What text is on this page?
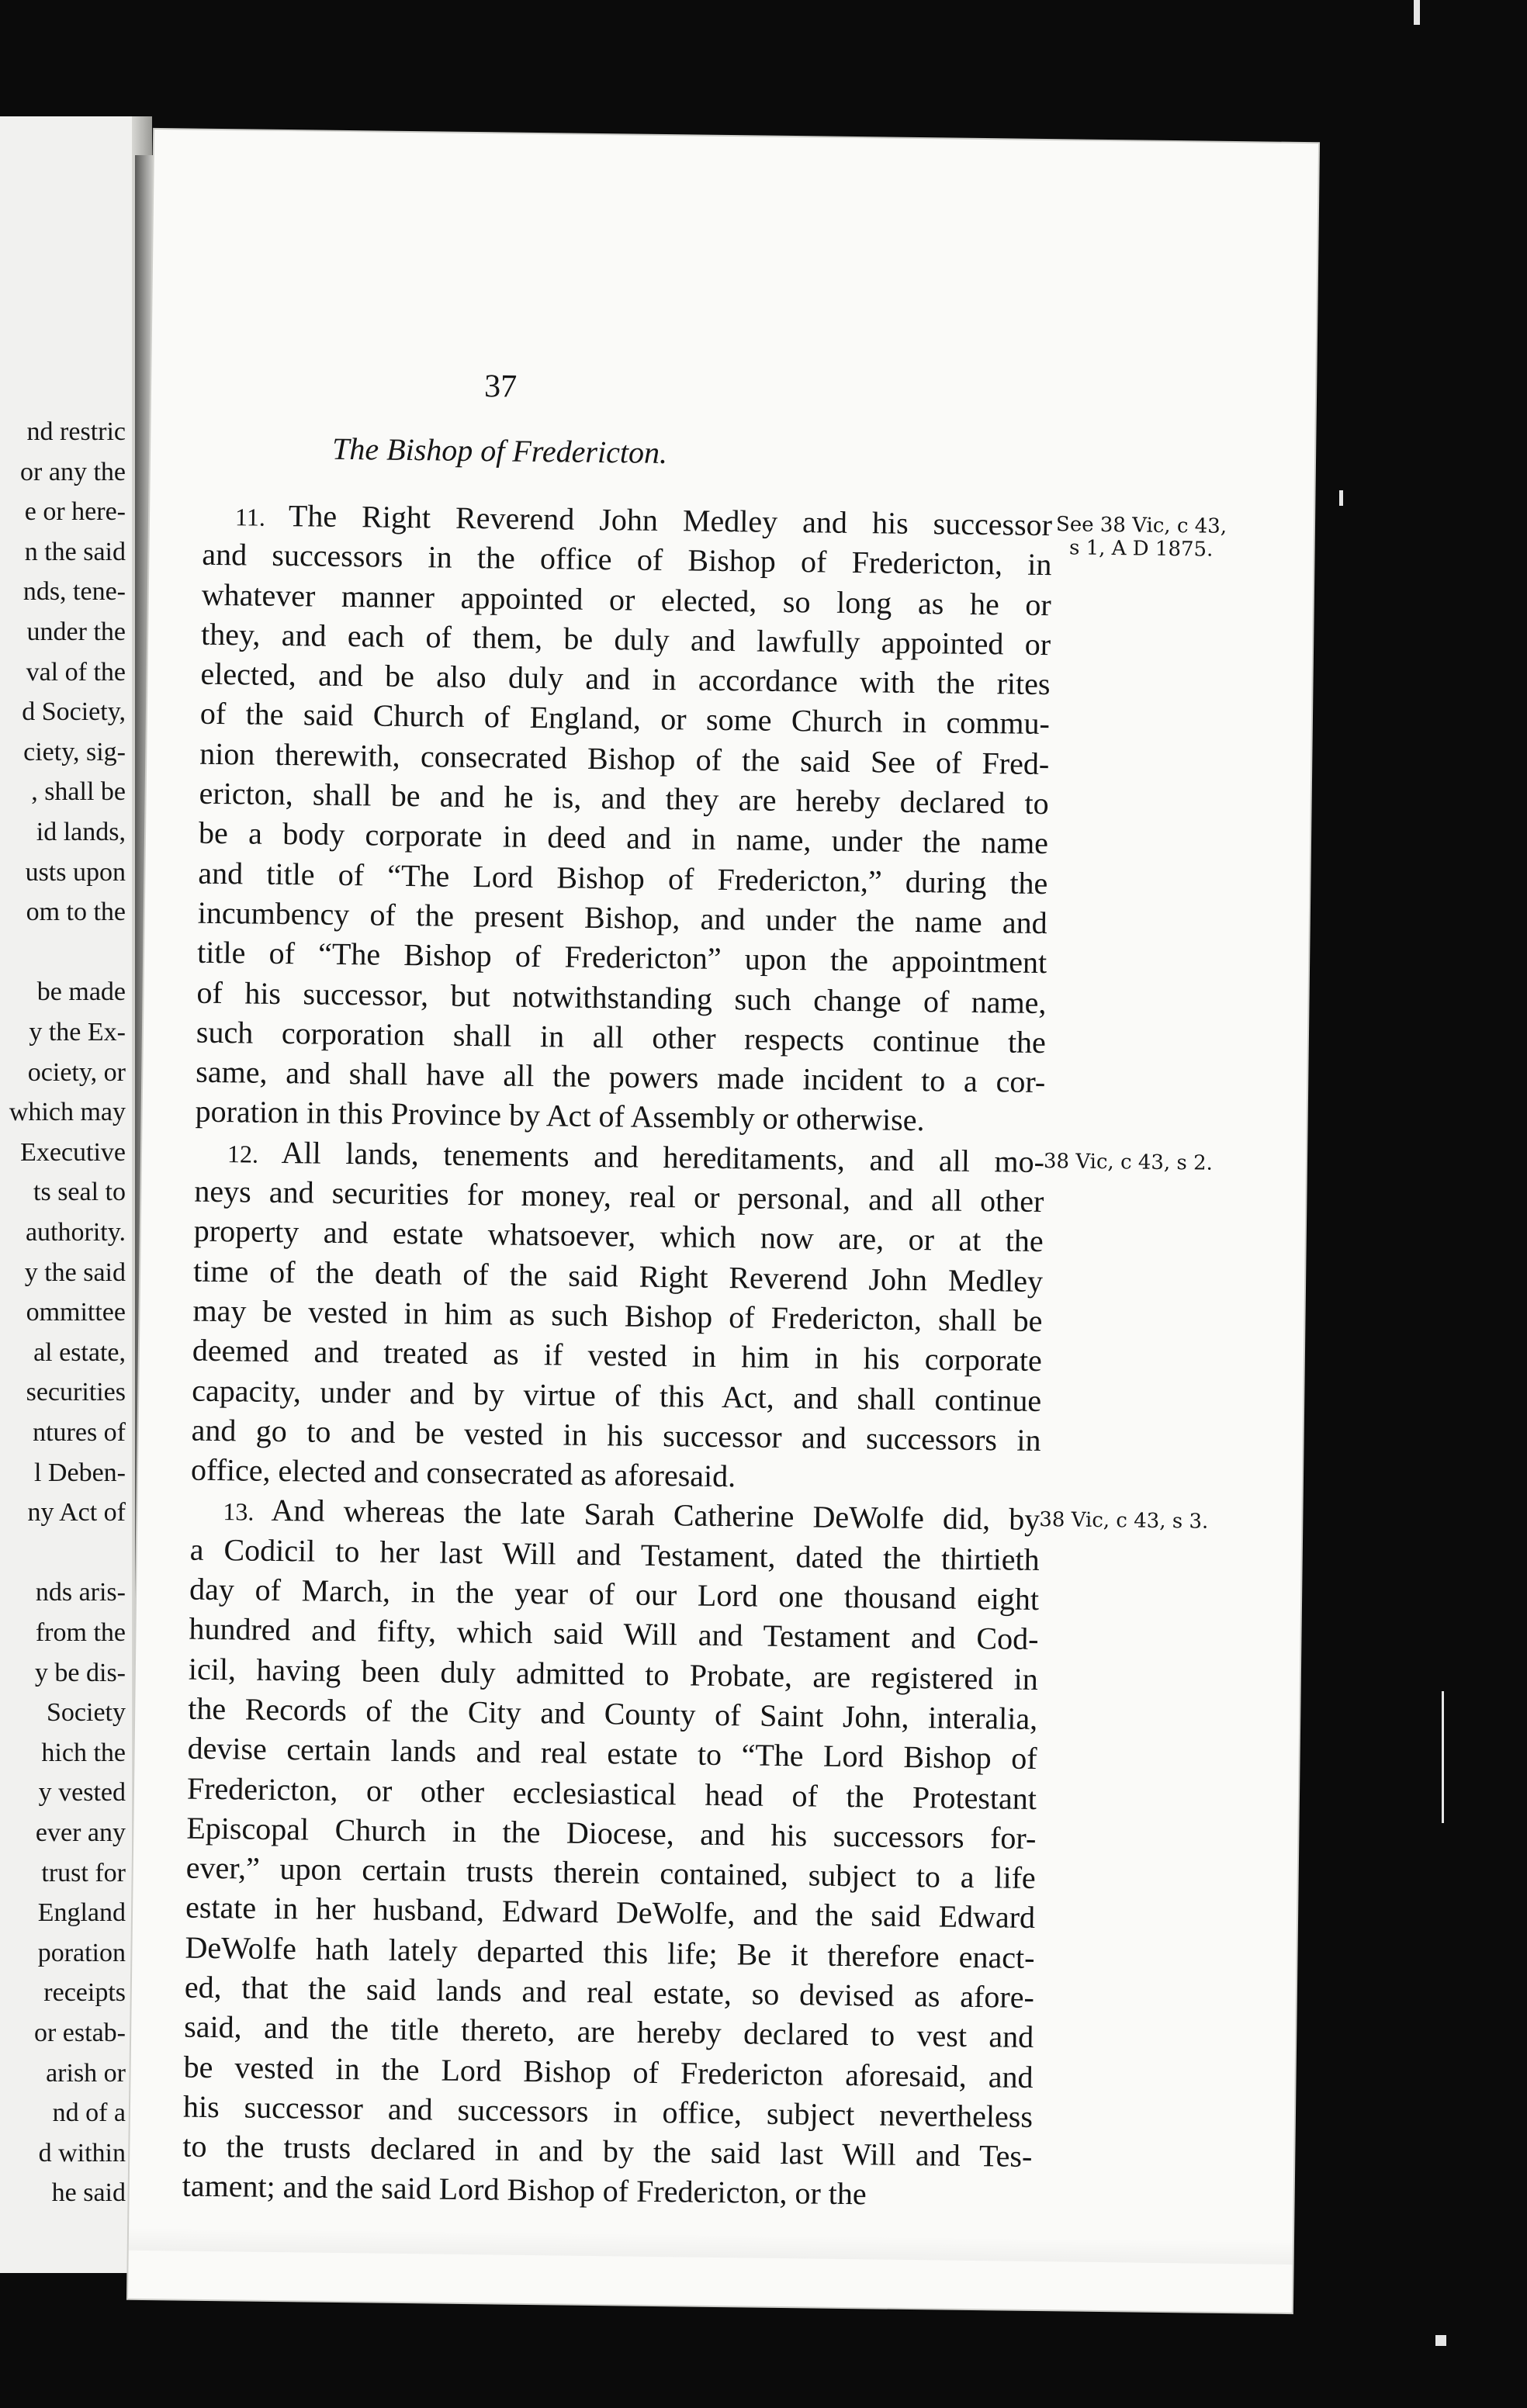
nd restric
or any the
e or here-
n the said
nds, tene-
under the
val of the
d Society,
ciety, sig-
, shall be
id lands,
usts upon
om to the
be made
y the Ex-
ociety, or
which may
Executive
ts seal to
authority.
y the said
ommittee
al estate,
securities
ntures of
l Deben-
ny Act of
nds aris-
from the
y be dis-
Society
hich the
y vested
ever any
trust for
England
poration
receipts
or estab-
arish or
nd of a
d within
he said
37
The Bishop of Fredericton.
11. The Right Reverend John Medley and his successor
and successors in the office of Bishop of Fredericton, in
whatever manner appointed or elected, so long as he or
they, and each of them, be duly and lawfully appointed or
elected, and be also duly and in accordance with the rites
of the said Church of England, or some Church in commu-
nion therewith, consecrated Bishop of the said See of Fred-
ericton, shall be and he is, and they are hereby declared to
be a body corporate in deed and in name, under the name
and title of “The Lord Bishop of Fredericton,” during the
incumbency of the present Bishop, and under the name and
title of “The Bishop of Fredericton” upon the appointment
of his successor, but notwithstanding such change of name,
such corporation shall in all other respects continue the
same, and shall have all the powers made incident to a cor-
poration in this Province by Act of Assembly or otherwise.
12. All lands, tenements and hereditaments, and all mo-
neys and securities for money, real or personal, and all other
property and estate whatsoever, which now are, or at the
time of the death of the said Right Reverend John Medley
may be vested in him as such Bishop of Fredericton, shall be
deemed and treated as if vested in him in his corporate
capacity, under and by virtue of this Act, and shall continue
and go to and be vested in his successor and successors in
office, elected and consecrated as aforesaid.
13. And whereas the late Sarah Catherine DeWolfe did, by
a Codicil to her last Will and Testament, dated the thirtieth
day of March, in the year of our Lord one thousand eight
hundred and fifty, which said Will and Testament and Cod-
icil, having been duly admitted to Probate, are registered in
the Records of the City and County of Saint John, interalia,
devise certain lands and real estate to “The Lord Bishop of
Fredericton, or other ecclesiastical head of the Protestant
Episcopal Church in the Diocese, and his successors for-
ever,” upon certain trusts therein contained, subject to a life
estate in her husband, Edward DeWolfe, and the said Edward
DeWolfe hath lately departed this life; Be it therefore enact-
ed, that the said lands and real estate, so devised as afore-
said, and the title thereto, are hereby declared to vest and
be vested in the Lord Bishop of Fredericton aforesaid, and
his successor and successors in office, subject nevertheless
to the trusts declared in and by the said last Will and Tes-
tament; and the said Lord Bishop of Fredericton, or the
See 38 Vic, c 43,
s 1, A D 1875.
38 Vic, c 43, s 2.
38 Vic, c 43, s 3.
